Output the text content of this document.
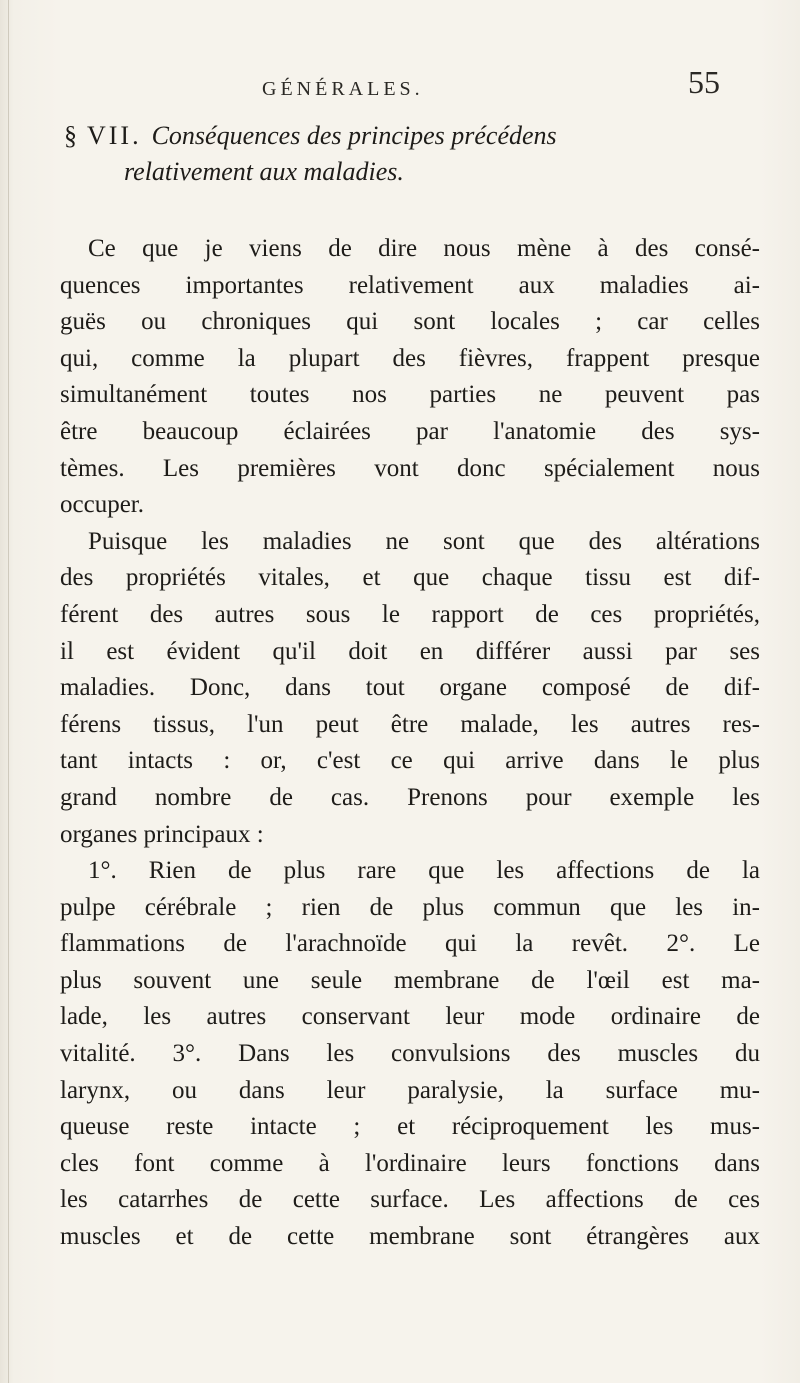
GÉNÉRALES.	55
§ VII. Conséquences des principes précédens
relativement aux maladies.
Ce que je viens de dire nous mène à des consé-
quences importantes relativement aux maladies ai-
guës ou chroniques qui sont locales ; car celles
qui, comme la plupart des fièvres, frappent presque
simultanément toutes nos parties ne peuvent pas
être beaucoup éclairées par l'anatomie des sys-
tèmes. Les premières vont donc spécialement nous
occuper.
Puisque les maladies ne sont que des altérations
des propriétés vitales, et que chaque tissu est dif-
férent des autres sous le rapport de ces propriétés,
il est évident qu'il doit en différer aussi par ses
maladies. Donc, dans tout organe composé de dif-
férens tissus, l'un peut être malade, les autres res-
tant intacts : or, c'est ce qui arrive dans le plus
grand nombre de cas. Prenons pour exemple les
organes principaux :
1°. Rien de plus rare que les affections de la
pulpe cérébrale ; rien de plus commun que les in-
flammations de l'arachnoïde qui la revêt. 2°. Le
plus souvent une seule membrane de l'œil est ma-
lade, les autres conservant leur mode ordinaire de
vitalité. 3°. Dans les convulsions des muscles du
larynx, ou dans leur paralysie, la surface mu-
queuse reste intacte ; et réciproquement les mus-
cles font comme à l'ordinaire leurs fonctions dans
les catarrhes de cette surface. Les affections de ces
muscles et de cette membrane sont étrangères aux
